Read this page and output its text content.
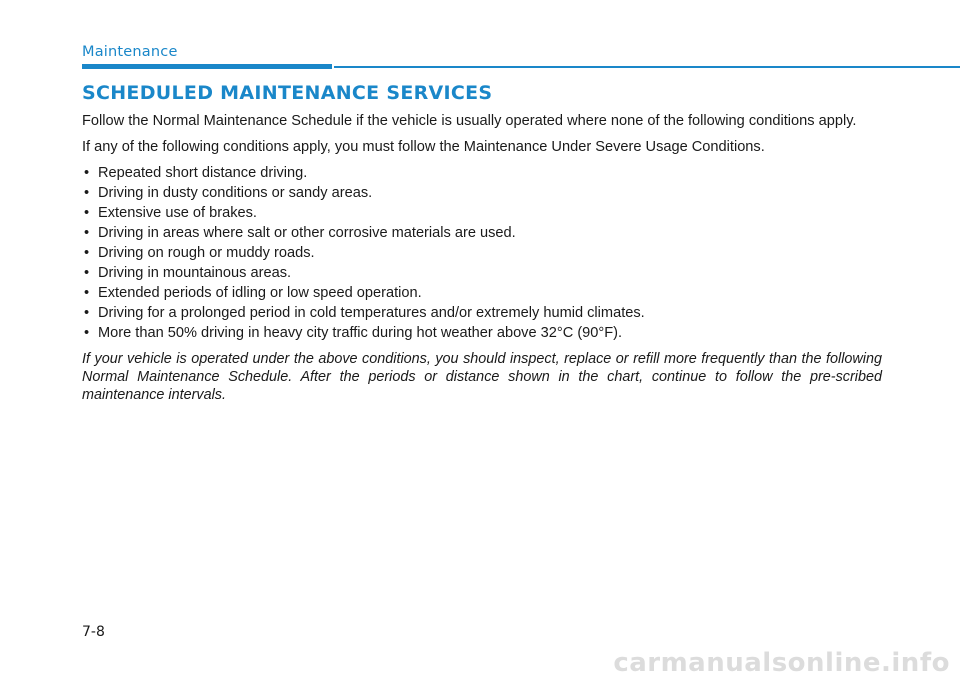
Maintenance
SCHEDULED MAINTENANCE SERVICES

Follow the Normal Maintenance Schedule if the vehicle is usually operated where none of the following conditions apply.

If any of the following conditions apply, you must follow the Maintenance Under Severe Usage Conditions.

• Repeated short distance driving.
• Driving in dusty conditions or sandy areas.
• Extensive use of brakes.
• Driving in areas where salt or other corrosive materials are used.
• Driving on rough or muddy roads.
• Driving in mountainous areas.
• Extended periods of idling or low speed operation.
• Driving for a prolonged period in cold temperatures and/or extremely humid climates.
• More than 50% driving in heavy city traffic during hot weather above 32°C (90°F).

If your vehicle is operated under the above conditions, you should inspect, replace or refill more frequently than the following Normal Maintenance Schedule. After the periods or distance shown in the chart, continue to follow the pre-scribed maintenance intervals.

7-8
carmanualsonline.info
